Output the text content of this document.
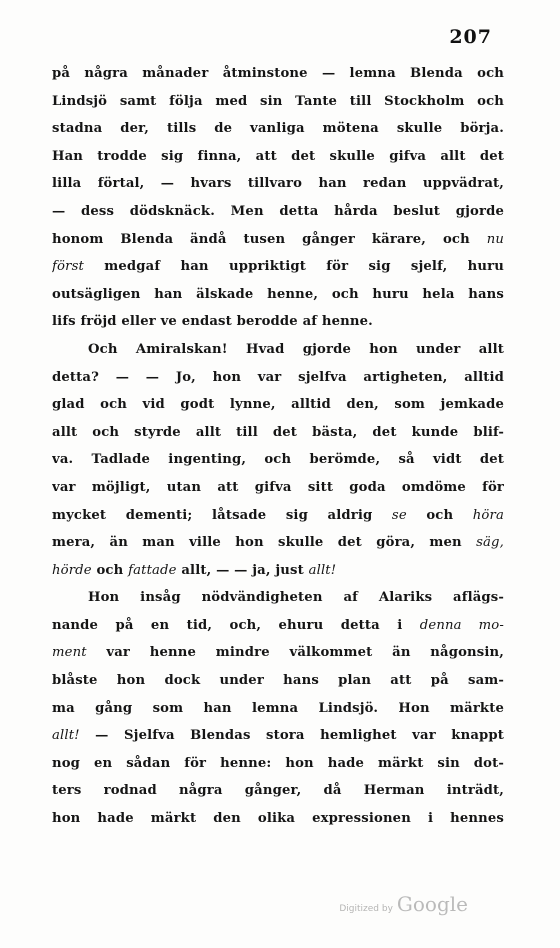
207
på några månader åtminstone — lemna Blenda och
Lindsjö samt följa med sin Tante till Stockholm och
stadna der, tills de vanliga mötena skulle börja.
Han trodde sig finna, att det skulle gifva allt det
lilla förtal, — hvars tillvaro han redan uppvädrat,
— dess dödsknäck. Men detta hårda beslut gjorde
honom Blenda ändå tusen gånger kärare, och nu
först medgaf han uppriktigt för sig sjelf, huru
outsägligen han älskade henne, och huru hela hans
lifs fröjd eller ve endast berodde af henne.
Och Amiralskan! Hvad gjorde hon under allt
detta? — — Jo, hon var sjelfva artigheten, alltid
glad och vid godt lynne, alltid den, som jemkade
allt och styrde allt till det bästa, det kunde blif-
va. Tadlade ingenting, och berömde, så vidt det
var möjligt, utan att gifva sitt goda omdöme för
mycket dementi; låtsade sig aldrig se och höra
mera, än man ville hon skulle det göra, men säg,
hörde och fattade allt, — — ja, just allt!
Hon insåg nödvändigheten af Alariks aflägs-
nande på en tid, och, ehuru detta i denna mo-
ment var henne mindre välkommet än någonsin,
blåste hon dock under hans plan att på sam-
ma gång som han lemna Lindsjö. Hon märkte
allt! — Sjelfva Blendas stora hemlighet var knappt
nog en sådan för henne: hon hade märkt sin dot-
ters rodnad några gånger, då Herman inträdt,
hon hade märkt den olika expressionen i hennes
Digitized by Google
